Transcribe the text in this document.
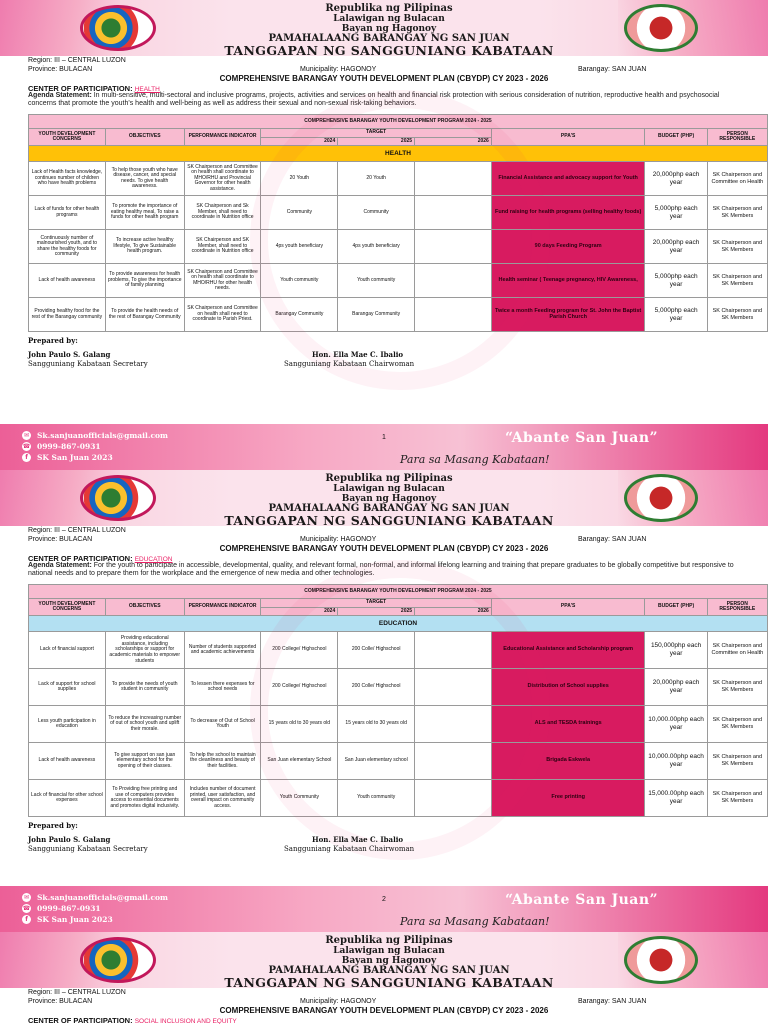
Republika ng Pilipinas
Lalawigan ng Bulacan
Bayan ng Hagonoy
PAMAHALAANG BARANGAY NG SAN JUAN
TANGGAPAN NG SANGGUNIANG KABATAAN
Region: III – CENTRAL LUZON
Province: BULACAN	Municipality: HAGONOY	Barangay: SAN JUAN
COMPREHENSIVE BARANGAY YOUTH DEVELOPMENT PLAN (CBYDP) CY 2023 - 2026
CENTER OF PARTICIPATION: HEALTH
Agenda Statement: In multi-sensitive, multi-sectoral and inclusive programs, projects, activities and services on health and financial risk protection with serious consideration of nutrition, reproductive health and psychosocial concerns that promote the youth's health and well-being as well as address their sexual and non-sexual risk-taking behaviors.
COMPREHENSIVE BARANGAY YOUTH DEVELOPMENT PROGRAM 2024 - 2025								
YOUTH DEVELOPMENT CONCERNS	OBJECTIVES	PERFORMANCE INDICATOR	TARGET			PPA'S	BUDGET (PHP)	PERSON RESPONSIBLE
			2024	2025	2026			
HEALTH								
Lack of Health facts knowledge, continues number of children who have health problems	To help those youth who have disease, cancer, and special needs. To give health awareness.	SK Chairperson and Committee on health shall coordinate to MHO/RHU and Provincial Governor for other health assistance.	20 Youth	20 Youth		Financial Assistance and advocacy support for Youth	20,000php each year	SK Chairperson and Committee on Health
Lack of funds for other health programs	To promote the importance of eating healthy meal, To raise a funds for other health program	SK Chairperson and Sk Member, shall need to coordinate in Nutrition office	Community	Community		Fund raising for health programs (selling healthy foods)	5,000php each year	SK Chairperson and SK Members
Continuously number of malnourished youth, and to share the healthy foods for community	To increase active healthy lifestyle, To give Sustainable health program.	SK Chairperson and SK Member, shall need to coordinate in Nutrition office	4ps youth beneficiary	4ps youth beneficiary		90 days Feeding Program	20,000php each year	SK Chairperson and SK Members
Lack of health awareness	To provide awareness for health problems, To give the importance of family planning	SK Chairperson and Committee on health shall coordinate to MHO/RHU for other health needs.	Youth community	Youth community		Health seminar ( Teenage pregnancy, HIV Awareness,	5,000php each year	SK Chairperson and SK Members
Providing healthy food for the rest of the Barangay community	To provide the health needs of the rest of Barangay Community	SK Chairperson and Committee on health shall need to coordinate to Parish Priest.	Barangay Community	Barangay Community		Twice a month Feeding program for St. John the Baptist Parish Church	5,000php each year	SK Chairperson and SK Members
Prepared by:
John Paulo S. Galang
Sangguniang Kabataan Secretary
Hon. Ella Mae C. Ibalio
Sangguniang Kabataan Chairwoman
1
✉ Sk.sanjuanofficials@gmail.com
☎ 0999-867-0931
f	SK San Juan 2023
“Abante San Juan”
Para sa Masang Kabataan!
Republika ng Pilipinas
Lalawigan ng Bulacan
Bayan ng Hagonoy
PAMAHALAANG BARANGAY NG SAN JUAN
TANGGAPAN NG SANGGUNIANG KABATAAN
Region: III – CENTRAL LUZON
Province: BULACAN	Municipality: HAGONOY	Barangay: SAN JUAN
COMPREHENSIVE BARANGAY YOUTH DEVELOPMENT PLAN (CBYDP) CY 2023 - 2026
CENTER OF PARTICIPATION: EDUCATION
Agenda Statement: For the youth to participate in accessible, developmental, quality, and relevant formal, non-formal, and informal lifelong learning and training that prepare graduates to be globally competitive but responsive to national needs and to prepare them for the workplace and the emergence of new media and other technologies.
COMPREHENSIVE BARANGAY YOUTH DEVELOPMENT PROGRAM 2024 - 2025								
YOUTH DEVELOPMENT CONCERNS	OBJECTIVES	PERFORMANCE INDICATOR	TARGET			PPA'S	BUDGET (PHP)	PERSON RESPONSIBLE
			2024	2025	2026			
EDUCATION								
Lack of financial support	Providing educational assistance, including scholarships or support for academic materials to empower students	Number of students supported and academic achievements	200 College/ Highschool	200 Colle/ Highschool		Educational Assistance and Scholarship program	150,000php each year	SK Chairperson and Committee on Health
Lack of support for school supplies	To provide the needs of youth student in community	To lessen there expenses for school needs	200 College/ Highschool	200 Colle/ Highschool		Distribution of School supplies	20,000php each year	SK Chairperson and SK Members
Less youth participation in education	To reduce the increasing number of out of school youth and uplift their morale.	To decrease of Out of School Youth	15 years old to 30 years old	15 years old to 30 years old		ALS and TESDA trainings	10,000.00php each year	SK Chairperson and SK Members
Lack of health awareness	To give support on san juan elementary school for the opening of their classes.	To help the school to maintain the cleanliness and beauty of their facilities.	San Juan elementary School	San Juan elementary school		Brigada Eskwela	10,000.00php each year	SK Chairperson and SK Members
Lack of financial for other school expenses	To Providing free printing and use of computers provides access to essential documents and promotes digital inclusivity.	Includes number of document printed, user satisfaction, and overall impact on community access.	Youth Community	Youth community		Free printing	15,000.00php each year	SK Chairperson and SK Members
Prepared by:
John Paulo S. Galang
Sangguniang Kabataan Secretary
Hon. Ella Mae C. Ibalio
Sangguniang Kabataan Chairwoman
2
✉ Sk.sanjuanofficials@gmail.com
☎ 0999-867-0931
f	SK San Juan 2023
“Abante San Juan”
Para sa Masang Kabataan!
Republika ng Pilipinas
Lalawigan ng Bulacan
Bayan ng Hagonoy
PAMAHALAANG BARANGAY NG SAN JUAN
TANGGAPAN NG SANGGUNIANG KABATAAN
Region: III – CENTRAL LUZON
Province: BULACAN	Municipality: HAGONOY	Barangay: SAN JUAN
COMPREHENSIVE BARANGAY YOUTH DEVELOPMENT PLAN (CBYDP) CY 2023 - 2026
CENTER OF PARTICIPATION: SOCIAL INCLUSION AND EQUITY
